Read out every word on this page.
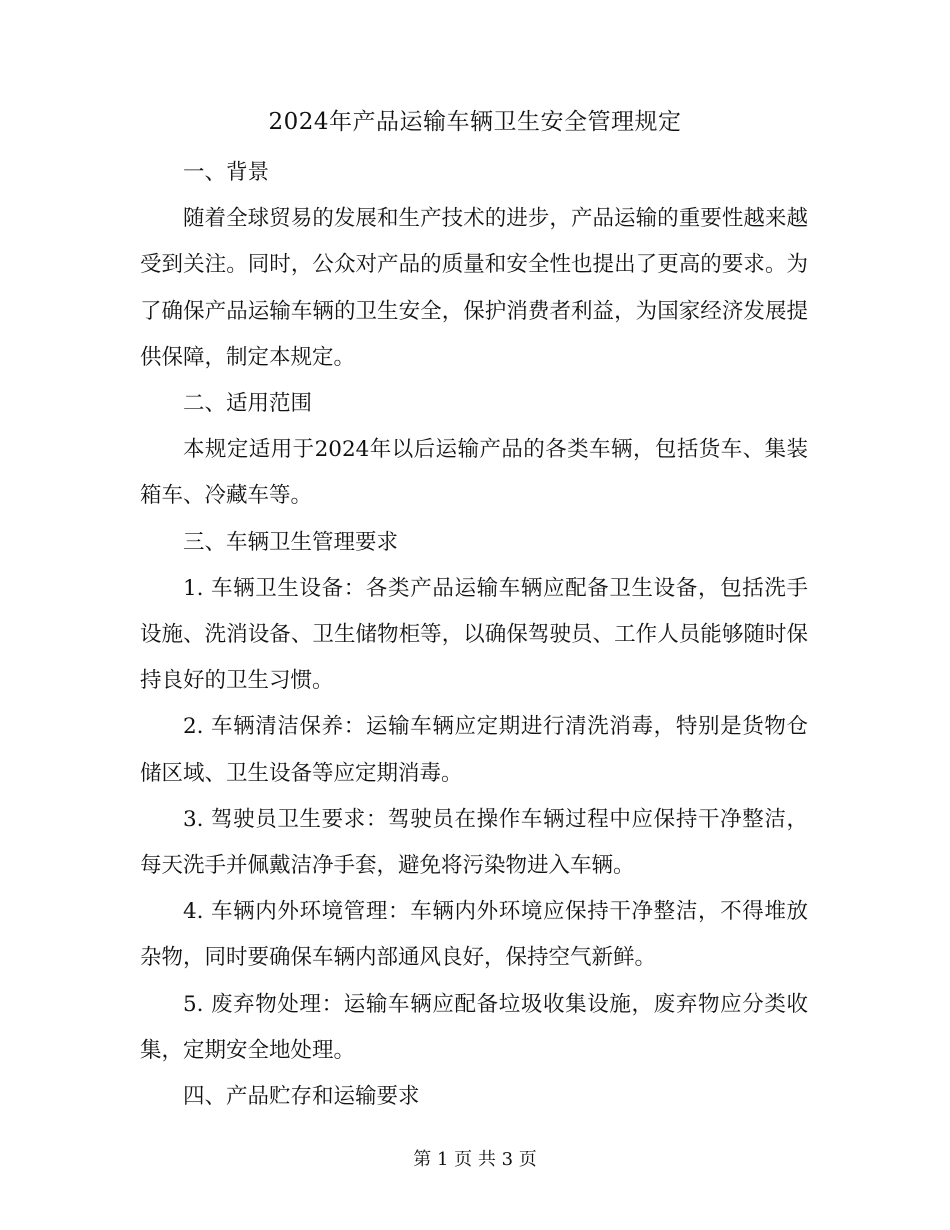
2024年产品运输车辆卫生安全管理规定

一、背景

随着全球贸易的发展和生产技术的进步，产品运输的重要性越来越受到关注。同时，公众对产品的质量和安全性也提出了更高的要求。为了确保产品运输车辆的卫生安全，保护消费者利益，为国家经济发展提供保障，制定本规定。

二、适用范围

本规定适用于2024年以后运输产品的各类车辆，包括货车、集装箱车、冷藏车等。

三、车辆卫生管理要求

1. 车辆卫生设备：各类产品运输车辆应配备卫生设备，包括洗手设施、洗消设备、卫生储物柜等，以确保驾驶员、工作人员能够随时保持良好的卫生习惯。

2. 车辆清洁保养：运输车辆应定期进行清洗消毒，特别是货物仓储区域、卫生设备等应定期消毒。

3. 驾驶员卫生要求：驾驶员在操作车辆过程中应保持干净整洁，每天洗手并佩戴洁净手套，避免将污染物进入车辆。

4. 车辆内外环境管理：车辆内外环境应保持干净整洁，不得堆放杂物，同时要确保车辆内部通风良好，保持空气新鲜。

5. 废弃物处理：运输车辆应配备垃圾收集设施，废弃物应分类收集，定期安全地处理。

四、产品贮存和运输要求

第 1 页 共 3 页
